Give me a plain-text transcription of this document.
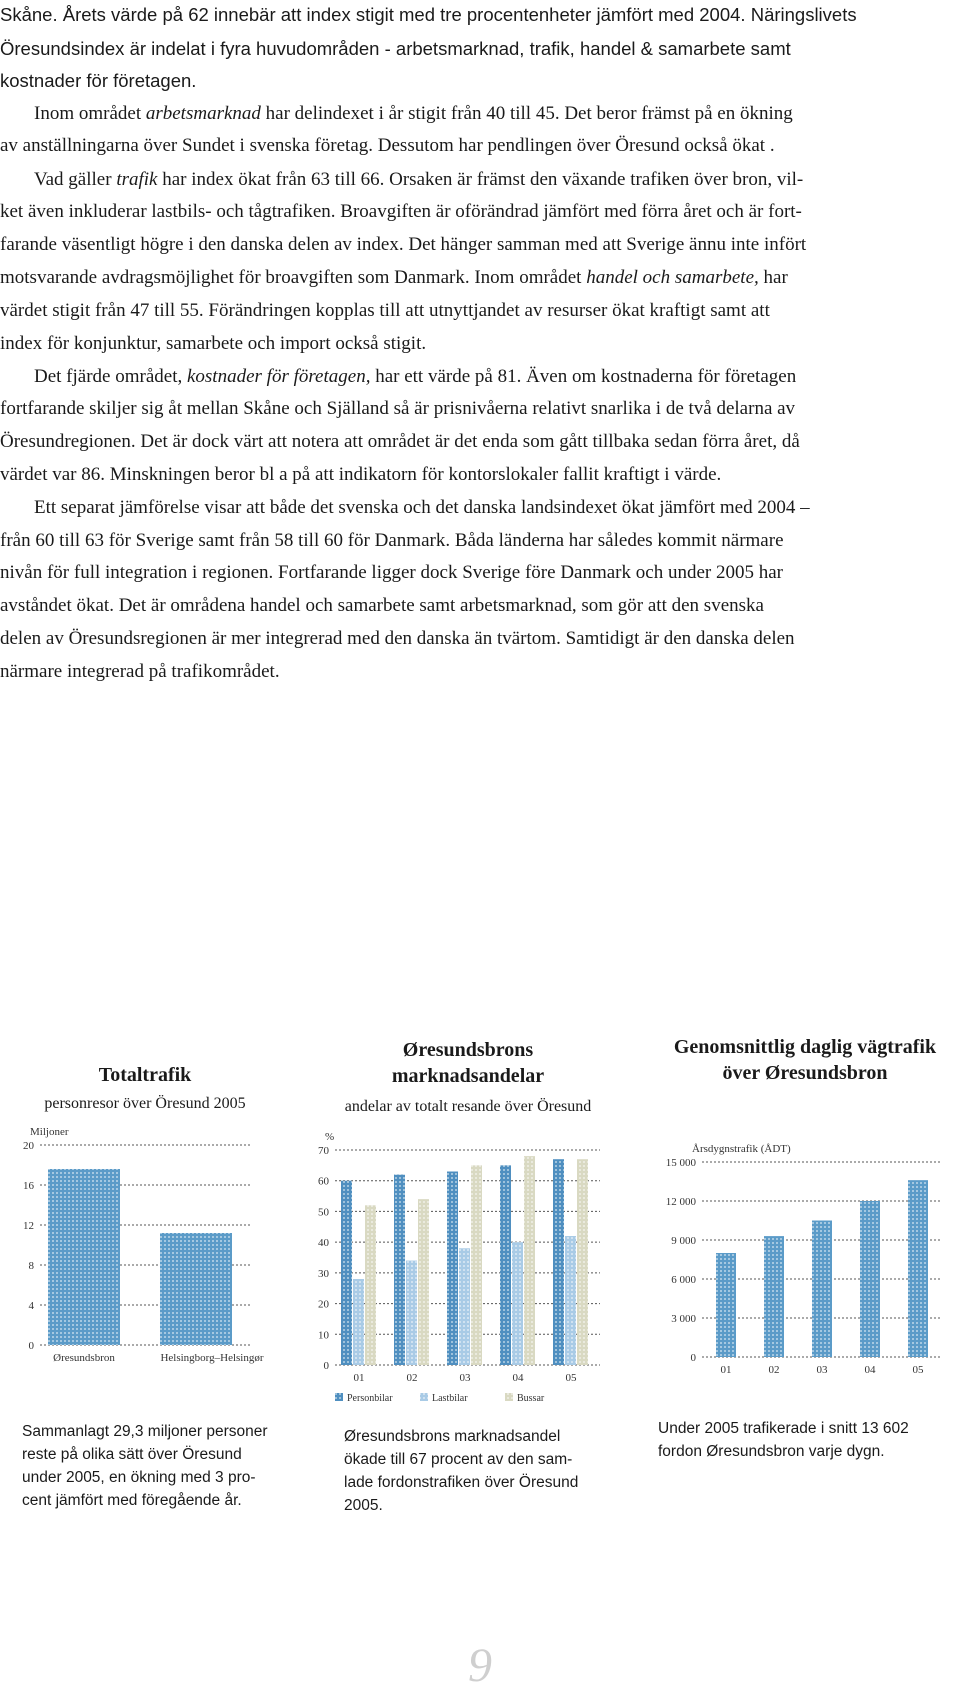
Skåne. Årets värde på 62 innebär att index stigit med tre procentenheter jämfört med 2004. Näringslivets
Öresundsindex är indelat i fyra huvudområden - arbetsmarknad, trafik, handel & samarbete samt
kostnader för företagen.
Inom området arbetsmarknad har delindexet i år stigit från 40 till 45. Det beror främst på en ökning
av anställningarna över Sundet i svenska företag. Dessutom har pendlingen över Öresund också ökat .
Vad gäller trafik har index ökat från 63 till 66. Orsaken är främst den växande trafiken över bron, vil-
ket även inkluderar lastbils- och tågtrafiken. Broavgiften är oförändrad jämfört med förra året och är fort-
farande väsentligt högre i den danska delen av index. Det hänger samman med att Sverige ännu inte infört
motsvarande avdragsmöjlighet för broavgiften som Danmark. Inom området handel och samarbete, har
värdet stigit från 47 till 55. Förändringen kopplas till att utnyttjandet av resurser ökat kraftigt samt att
index för konjunktur, samarbete och import också stigit.
Det fjärde området, kostnader för företagen, har ett värde på 81. Även om kostnaderna för företagen
fortfarande skiljer sig åt mellan Skåne och Själland så är prisnivåerna relativt snarlika i de två delarna av
Öresundregionen. Det är dock värt att notera att området är det enda som gått tillbaka sedan förra året, då
värdet var 86. Minskningen beror bl a på att indikatorn för kontorslokaler fallit kraftigt i värde.
Ett separat jämförelse visar att både det svenska och det danska landsindexet ökat jämfört med 2004 –
från 60 till 63 för Sverige samt från 58 till 60 för Danmark. Båda länderna har således kommit närmare
nivån för full integration i regionen. Fortfarande ligger dock Sverige före Danmark och under 2005 har
avståndet ökat. Det är områdena handel och samarbete samt arbetsmarknad, som gör att den svenska
delen av Öresundsregionen är mer integrerad med den danska än tvärtom. Samtidigt är den danska delen
närmare integrerad på trafikområdet.
Totaltrafik
personresor över Öresund 2005
0
4
8
12
16
20
Miljoner
Øresundsbron	Helsingborg–Helsingør
Sammanlagt 29,3 miljoner personer
reste på olika sätt över Öresund
under 2005, en ökning med 3 pro-
cent jämfört med föregående år.
Øresundsbrons
marknadsandelar
andelar av totalt resande över Öresund
0
10
20
30
40
50
60
70
%
01	02	03	04	05
Personbilar	Lastbilar	Bussar
Øresundsbrons marknadsandel
ökade till 67 procent av den sam-
lade fordonstrafiken över Öresund
2005.
Genomsnittlig daglig vägtrafik
över Øresundsbron
0
3 000
6 000
9 000
12 000
15 000
Årsdygnstrafik (ÅDT)
01	02	03	04	05
Under 2005 trafikerade i snitt 13 602
fordon Øresundsbron varje dygn.
9
